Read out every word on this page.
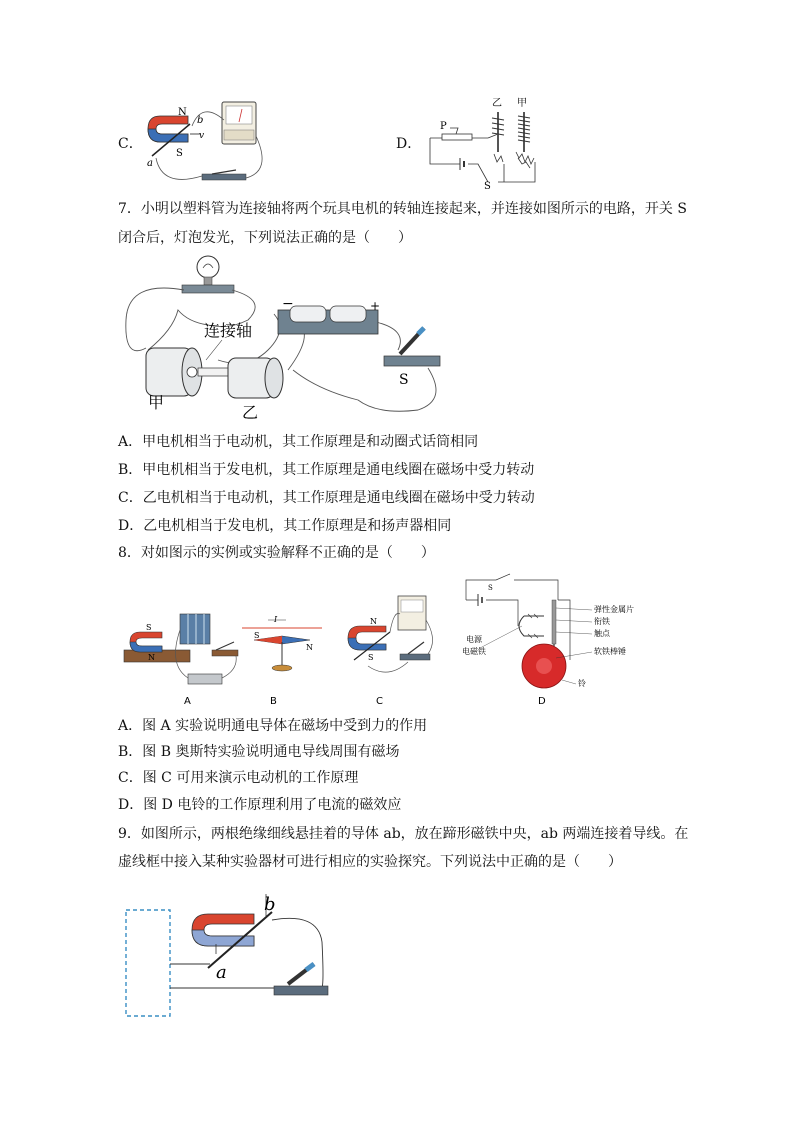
C．
N
S
a
b
v	D．
乙 甲
P
S
7．小明以塑料管为连接轴将两个玩具电机的转轴连接起来，并连接如图所示的电路，开关 S
闭合后，灯泡发光，下列说法正确的是（　　）
−	+
S
连接轴
甲
乙
A．甲电机相当于电动机，其工作原理是和动圈式话筒相同
B．甲电机相当于发电机，其工作原理是通电线圈在磁场中受力转动
C．乙电机相当于电动机，其工作原理是通电线圈在磁场中受力转动
D．乙电机相当于发电机，其工作原理是和扬声器相同
8．对如图示的实例或实验解释不正确的是（　　）
S
N
A
I
S
N
B
N
S
C
S
电源
电磁铁
弹性金属片
衔铁
触点
软铁棒锤
铃
D
A．图 A 实验说明通电导体在磁场中受到力的作用
B．图 B 奥斯特实验说明通电导线周围有磁场
C．图 C 可用来演示电动机的工作原理
D．图 D 电铃的工作原理利用了电流的磁效应
9．如图所示，两根绝缘细线悬挂着的导体 ab，放在蹄形磁铁中央，ab 两端连接着导线。在
虚线框中接入某种实验器材可进行相应的实验探究。下列说法中正确的是（　　）
b
a
